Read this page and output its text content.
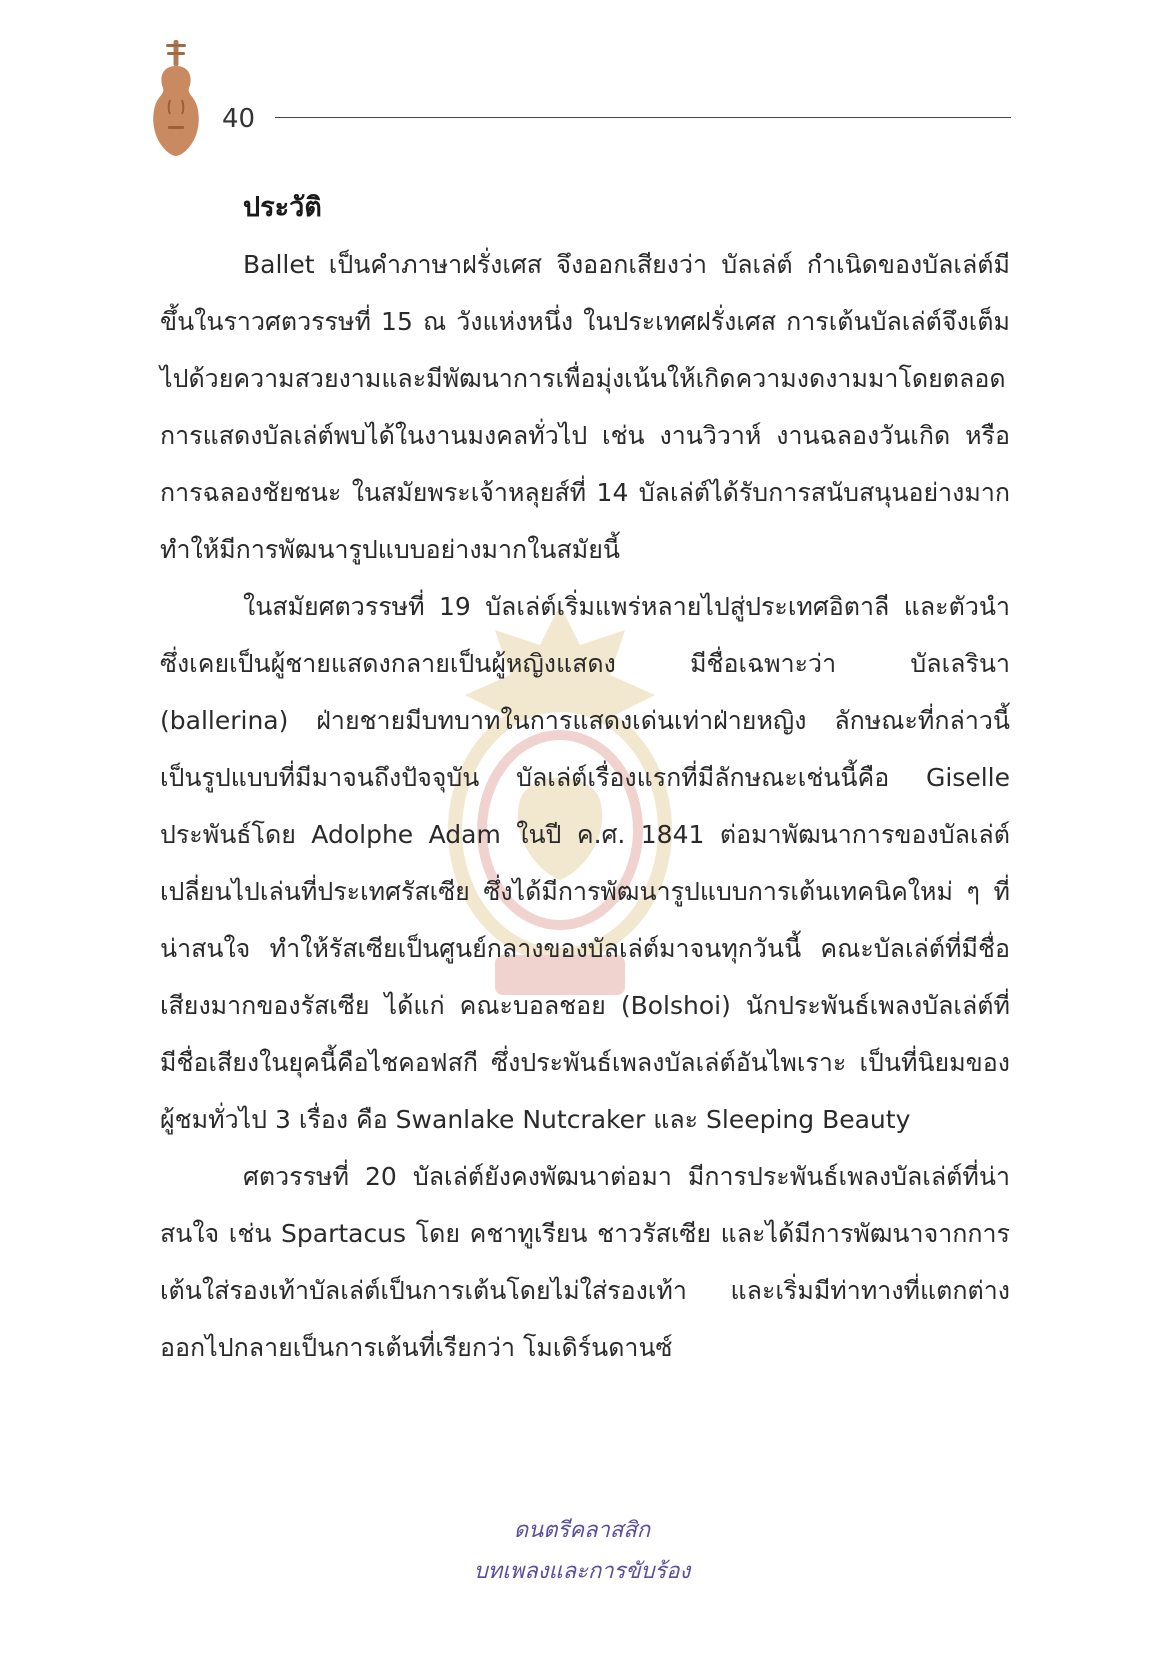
40
ประวัติ

Ballet เป็นคำภาษาฝรั่งเศส จึงออกเสียงว่า บัลเล่ต์ กำเนิดของบัลเล่ต์มีขึ้นในราวศตวรรษที่ 15 ณ วังแห่งหนึ่ง ในประเทศฝรั่งเศส การเต้นบัลเล่ต์จึงเต็มไปด้วยความสวยงามและมีพัฒนาการเพื่อมุ่งเน้นให้เกิดความงดงามมาโดยตลอด การแสดงบัลเล่ต์พบได้ในงานมงคลทั่วไป เช่น งานวิวาห์ งานฉลองวันเกิด หรือการฉลองชัยชนะ ในสมัยพระเจ้าหลุยส์ที่ 14 บัลเล่ต์ได้รับการสนับสนุนอย่างมาก ทำให้มีการพัฒนารูปแบบอย่างมากในสมัยนี้

ในสมัยศตวรรษที่ 19 บัลเล่ต์เริ่มแพร่หลายไปสู่ประเทศอิตาลี และตัวนำซึ่งเคยเป็นผู้ชายแสดงกลายเป็นผู้หญิงแสดง มีชื่อเฉพาะว่า บัลเลรินา (ballerina) ฝ่ายชายมีบทบาทในการแสดงเด่นเท่าฝ่ายหญิง ลักษณะที่กล่าวนี้เป็นรูปแบบที่มีมาจนถึงปัจจุบัน บัลเล่ต์เรื่องแรกที่มีลักษณะเช่นนี้คือ Giselle ประพันธ์โดย Adolphe Adam ในปี ค.ศ. 1841 ต่อมาพัฒนาการของบัลเล่ต์เปลี่ยนไปเล่นที่ประเทศรัสเซีย ซึ่งได้มีการพัฒนารูปแบบการเต้นเทคนิคใหม่ ๆ ที่น่าสนใจ ทำให้รัสเซียเป็นศูนย์กลางของบัลเล่ต์มาจนทุกวันนี้ คณะบัลเล่ต์ที่มีชื่อเสียงมากของรัสเซีย ได้แก่ คณะบอลชอย (Bolshoi) นักประพันธ์เพลงบัลเล่ต์ที่มีชื่อเสียงในยุคนี้คือไชคอฟสกี ซึ่งประพันธ์เพลงบัลเล่ต์อันไพเราะ เป็นที่นิยมของผู้ชมทั่วไป 3 เรื่อง คือ Swanlake Nutcraker และ Sleeping Beauty

ศตวรรษที่ 20 บัลเล่ต์ยังคงพัฒนาต่อมา มีการประพันธ์เพลงบัลเล่ต์ที่น่าสนใจ เช่น Spartacus โดย คชาทูเรียน ชาวรัสเซีย และได้มีการพัฒนาจากการเต้นใส่รองเท้าบัลเล่ต์เป็นการเต้นโดยไม่ใส่รองเท้า และเริ่มมีท่าทางที่แตกต่างออกไปกลายเป็นการเต้นที่เรียกว่า โมเดิร์นดานซ์

ดนตรีคลาสสิก
บทเพลงและการขับร้อง
